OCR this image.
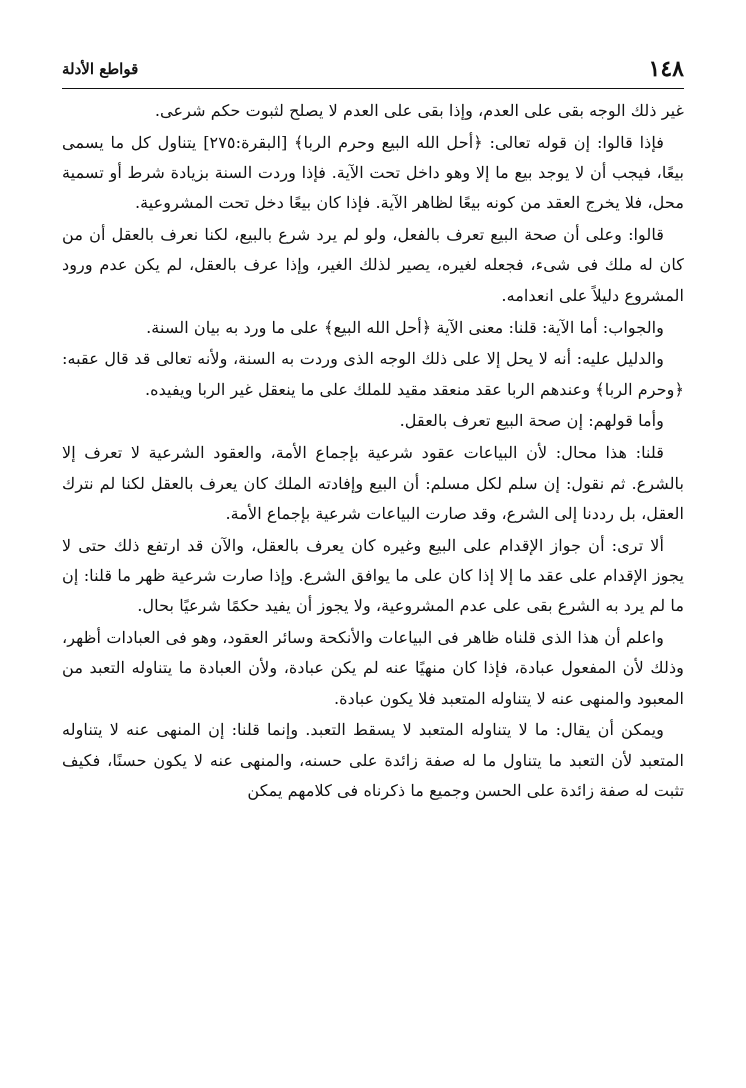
١٤٨
قواطع الأدلة

غير ذلك الوجه بقى على العدم، وإذا بقى على العدم لا يصلح لثبوت حكم شرعى.

فإذا قالوا: إن قوله تعالى: ﴿أحل الله البيع وحرم الربا﴾ [البقرة:٢٧٥] يتناول كل ما يسمى بيعًا، فيجب أن لا يوجد بيع ما إلا وهو داخل تحت الآية. فإذا وردت السنة بزيادة شرط أو تسمية محل، فلا يخرج العقد من كونه بيعًا لظاهر الآية. فإذا كان بيعًا دخل تحت المشروعية.

قالوا: وعلى أن صحة البيع تعرف بالفعل، ولو لم يرد شرع بالبيع، لكنا نعرف بالعقل أن من كان له ملك فى شىء، فجعله لغيره، يصير لذلك الغير، وإذا عرف بالعقل، لم يكن عدم ورود المشروع دليلاً على انعدامه.

والجواب: أما الآية: قلنا: معنى الآية ﴿أحل الله البيع﴾ على ما ورد به بيان السنة.

والدليل عليه: أنه لا يحل إلا على ذلك الوجه الذى وردت به السنة، ولأنه تعالى قد قال عقبه: ﴿وحرم الربا﴾ وعندهم الربا عقد منعقد مقيد للملك على ما ينعقل غير الربا ويفيده.

وأما قولهم: إن صحة البيع تعرف بالعقل.

قلنا: هذا محال: لأن البياعات عقود شرعية بإجماع الأمة، والعقود الشرعية لا تعرف إلا بالشرع. ثم نقول: إن سلم لكل مسلم: أن البيع وإفادته الملك كان يعرف بالعقل لكنا لم نترك العقل، بل رددنا إلى الشرع، وقد صارت البياعات شرعية بإجماع الأمة.

ألا ترى: أن جواز الإقدام على البيع وغيره كان يعرف بالعقل، والآن قد ارتفع ذلك حتى لا يجوز الإقدام على عقد ما إلا إذا كان على ما يوافق الشرع. وإذا صارت شرعية ظهر ما قلنا: إن ما لم يرد به الشرع بقى على عدم المشروعية، ولا يجوز أن يفيد حكمًا شرعيًا بحال.

واعلم أن هذا الذى قلناه ظاهر فى البياعات والأنكحة وسائر العقود، وهو فى العبادات أظهر، وذلك لأن المفعول عبادة، فإذا كان منهيًا عنه لم يكن عبادة، ولأن العبادة ما يتناوله التعبد من المعبود والمنهى عنه لا يتناوله المتعبد فلا يكون عبادة.

ويمكن أن يقال: ما لا يتناوله المتعبد لا يسقط التعبد. وإنما قلنا: إن المنهى عنه لا يتناوله المتعبد لأن التعبد ما يتناول ما له صفة زائدة على حسنه، والمنهى عنه لا يكون حسنًا، فكيف تثبت له صفة زائدة على الحسن وجميع ما ذكرناه فى كلامهم يمكن
